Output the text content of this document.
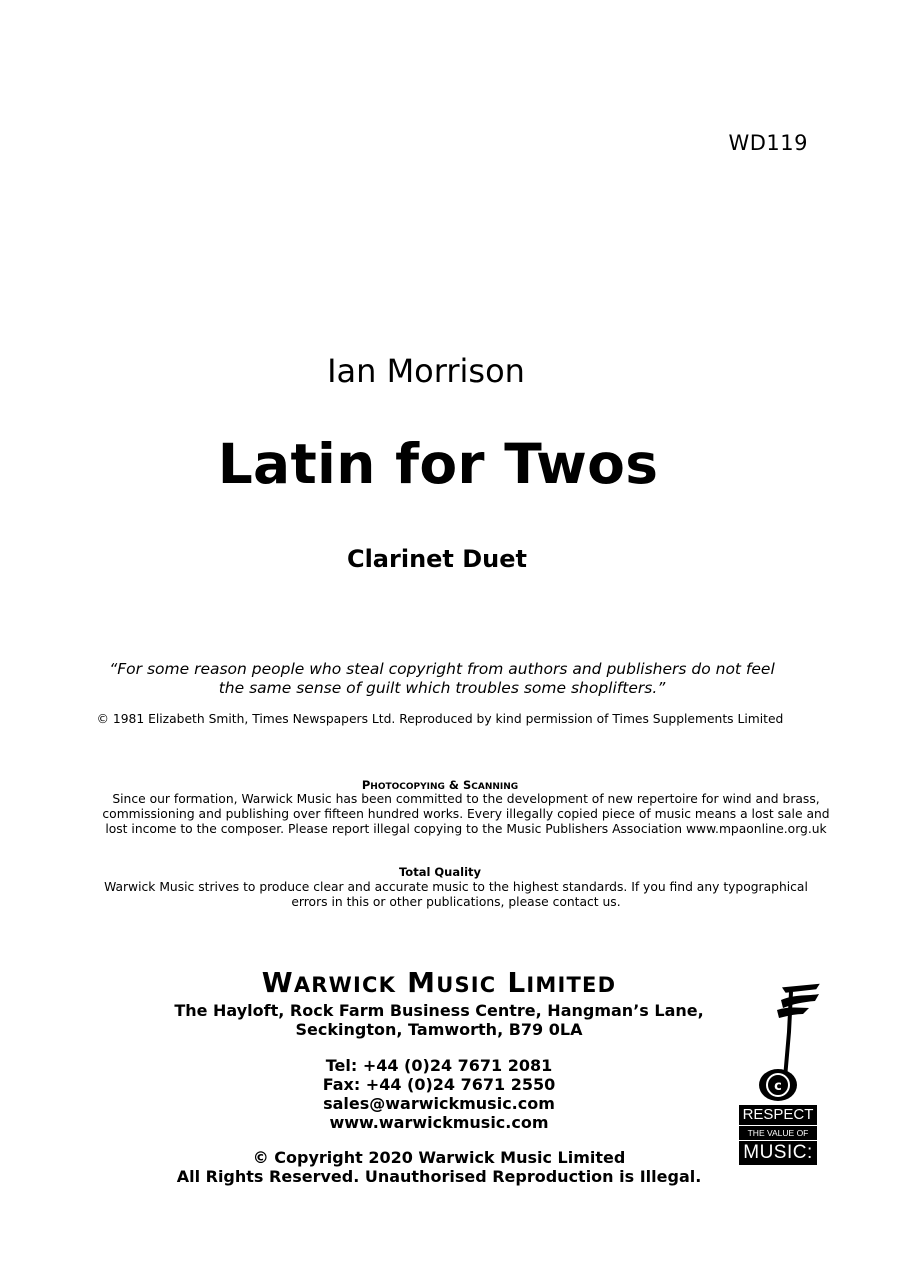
WD119
Ian Morrison
Latin for Twos
Clarinet Duet
“For some reason people who steal copyright from authors and publishers do not feel
the same sense of guilt which troubles some shoplifters.”
© 1981 Elizabeth Smith, Times Newspapers Ltd. Reproduced by kind permission of Times Supplements Limited
PHOTOCOPYING & SCANNING
Since our formation, Warwick Music has been committed to the development of new repertoire for wind and brass,
commissioning and publishing over fifteen hundred works. Every illegally copied piece of music means a lost sale and
lost income to the composer. Please report illegal copying to the Music Publishers Association www.mpaonline.org.uk
Total Quality
Warwick Music strives to produce clear and accurate music to the highest standards. If you find any typographical
errors in this or other publications, please contact us.
WARWICK MUSIC LIMITED
The Hayloft, Rock Farm Business Centre, Hangman’s Lane,
Seckington, Tamworth, B79 0LA
Tel: +44 (0)24 7671 2081
Fax: +44 (0)24 7671 2550
sales@warwickmusic.com
www.warwickmusic.com
© Copyright 2020 Warwick Music Limited
All Rights Reserved. Unauthorised Reproduction is Illegal.
c
RESPECT
THE VALUE OF
MUSIC:
